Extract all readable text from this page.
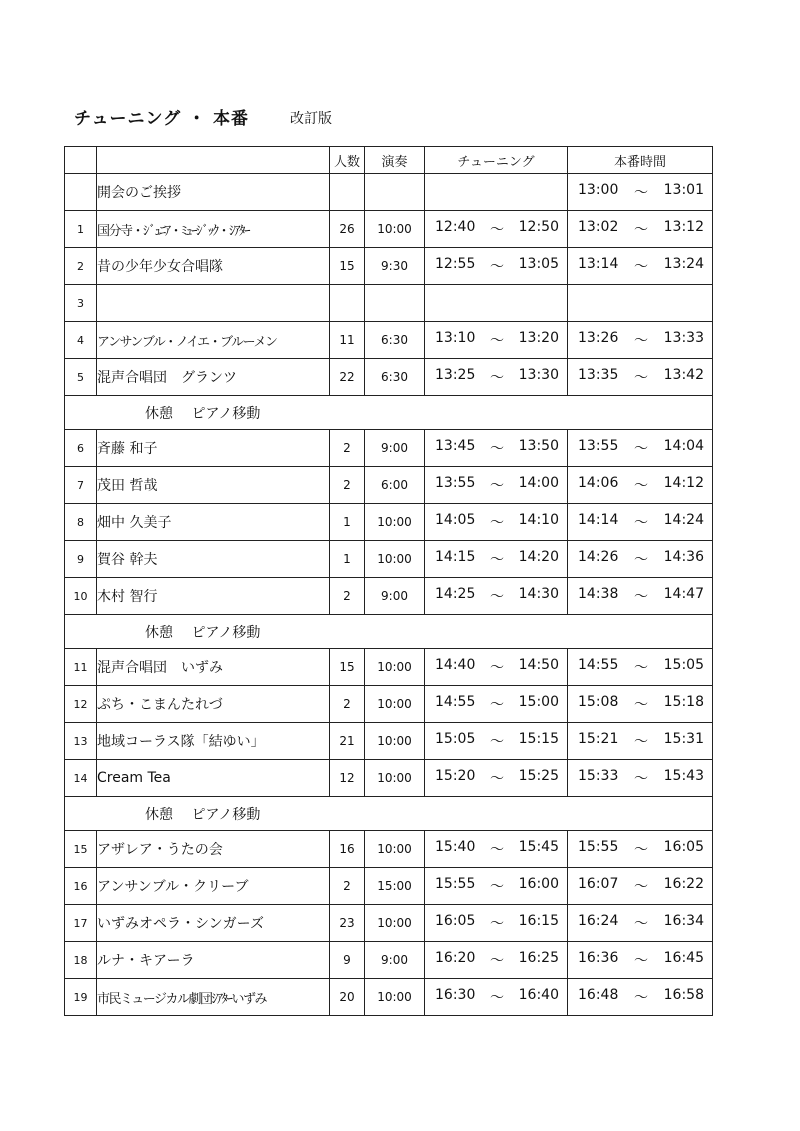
チューニング ・ 本番	改訂版
		人数	演奏	チューニング	本番時間
	開会のご挨拶				13:00 ～ 13:01

1	国分寺・ｼﾞｭﾆｱ・ﾐｭｰｼﾞｯｸ・ｼｱﾀｰ	26	10:00	12:40 ～ 12:50	13:02 ～ 13:12

2	昔の少年少女合唱隊	15	9:30	12:55 ～ 13:05	13:14 ～ 13:24

3					
4	アンサンブル・ノイエ・ブルーメン	11	6:30	13:10 ～ 13:20	13:26 ～ 13:33

5	混声合唱団　グランツ	22	6:30	13:25 ～ 13:30	13:35 ～ 13:42

休憩　 ピアノ移動					
6	斉藤 和子	2	9:00	13:45 ～ 13:50	13:55 ～ 14:04

7	茂田 哲哉	2	6:00	13:55 ～ 14:00	14:06 ～ 14:12

8	畑中 久美子	1	10:00	14:05 ～ 14:10	14:14 ～ 14:24

9	賀谷 幹夫	1	10:00	14:15 ～ 14:20	14:26 ～ 14:36

10	木村 智行	2	9:00	14:25 ～ 14:30	14:38 ～ 14:47

休憩　 ピアノ移動					
11	混声合唱団　いずみ	15	10:00	14:40 ～ 14:50	14:55 ～ 15:05

12	ぷち・こまんたれづ	2	10:00	14:55 ～ 15:00	15:08 ～ 15:18

13	地域コーラス隊「結ゆい」	21	10:00	15:05 ～ 15:15	15:21 ～ 15:31

14	Cream Tea	12	10:00	15:20 ～ 15:25	15:33 ～ 15:43

休憩　 ピアノ移動					
15	アザレア・うたの会	16	10:00	15:40 ～ 15:45	15:55 ～ 16:05

16	アンサンブル・クリーブ	2	15:00	15:55 ～ 16:00	16:07 ～ 16:22

17	いずみオペラ・シンガーズ	23	10:00	16:05 ～ 16:15	16:24 ～ 16:34

18	ルナ・キアーラ	9	9:00	16:20 ～ 16:25	16:36 ～ 16:45

19	市民ミュージカル劇団ｼｱﾀｰいずみ	20	10:00	16:30 ～ 16:40	16:48 ～ 16:58
